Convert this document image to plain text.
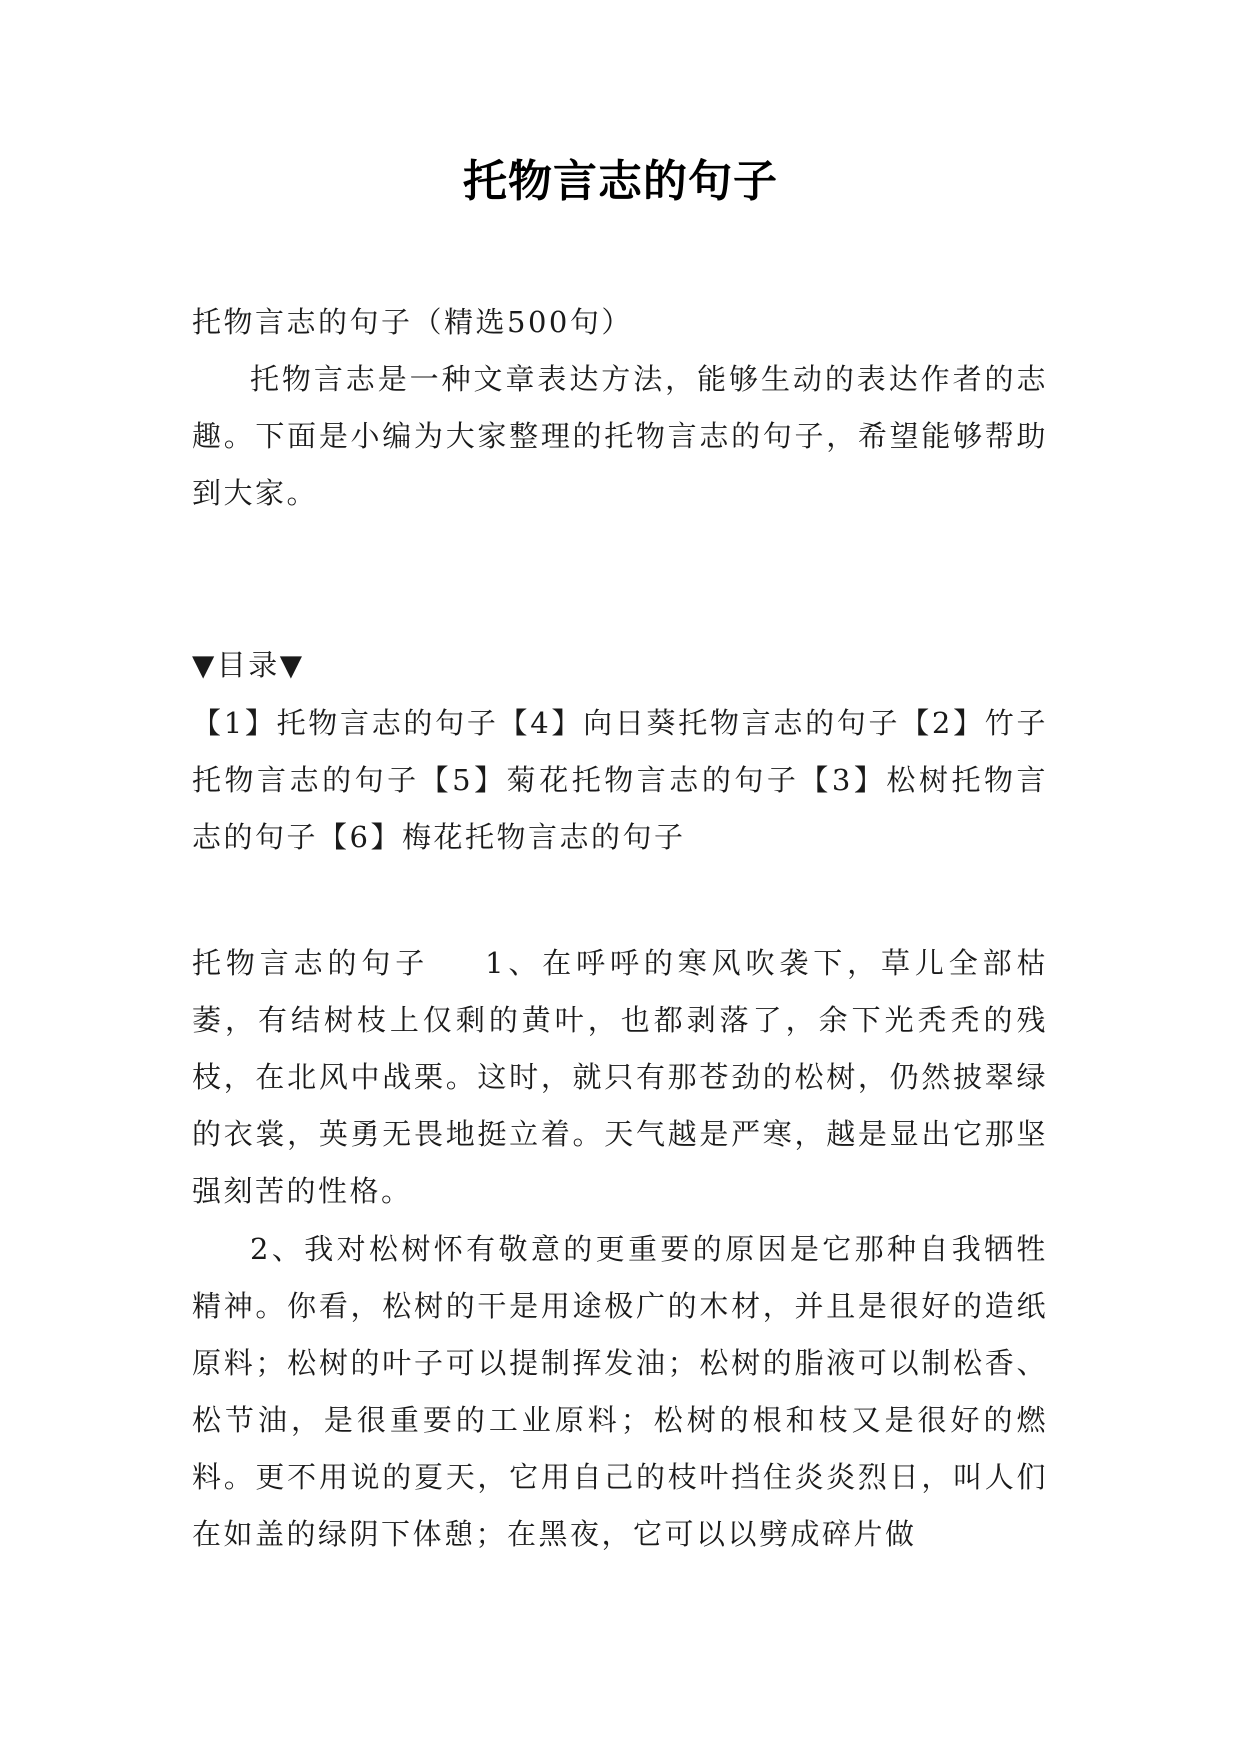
托物言志的句子

托物言志的句子（精选500句）

托物言志是一种文章表达方法，能够生动的表达作者的志趣。下面是小编为大家整理的托物言志的句子，希望能够帮助到大家。

▼目录▼

【1】托物言志的句子【4】向日葵托物言志的句子【2】竹子托物言志的句子【5】菊花托物言志的句子【3】松树托物言志的句子【6】梅花托物言志的句子

托物言志的句子 1、在呼呼的寒风吹袭下，草儿全部枯萎，有结树枝上仅剩的黄叶，也都剥落了，余下光秃秃的残枝，在北风中战栗。这时，就只有那苍劲的松树，仍然披翠绿的衣裳，英勇无畏地挺立着。天气越是严寒，越是显出它那坚强刻苦的性格。

2、我对松树怀有敬意的更重要的原因是它那种自我牺牲精神。你看，松树的干是用途极广的木材，并且是很好的造纸原料；松树的叶子可以提制挥发油；松树的脂液可以制松香、松节油，是很重要的工业原料；松树的根和枝又是很好的燃料。更不用说的夏天，它用自己的枝叶挡住炎炎烈日，叫人们在如盖的绿阴下体憩；在黑夜，它可以以劈成碎片做
